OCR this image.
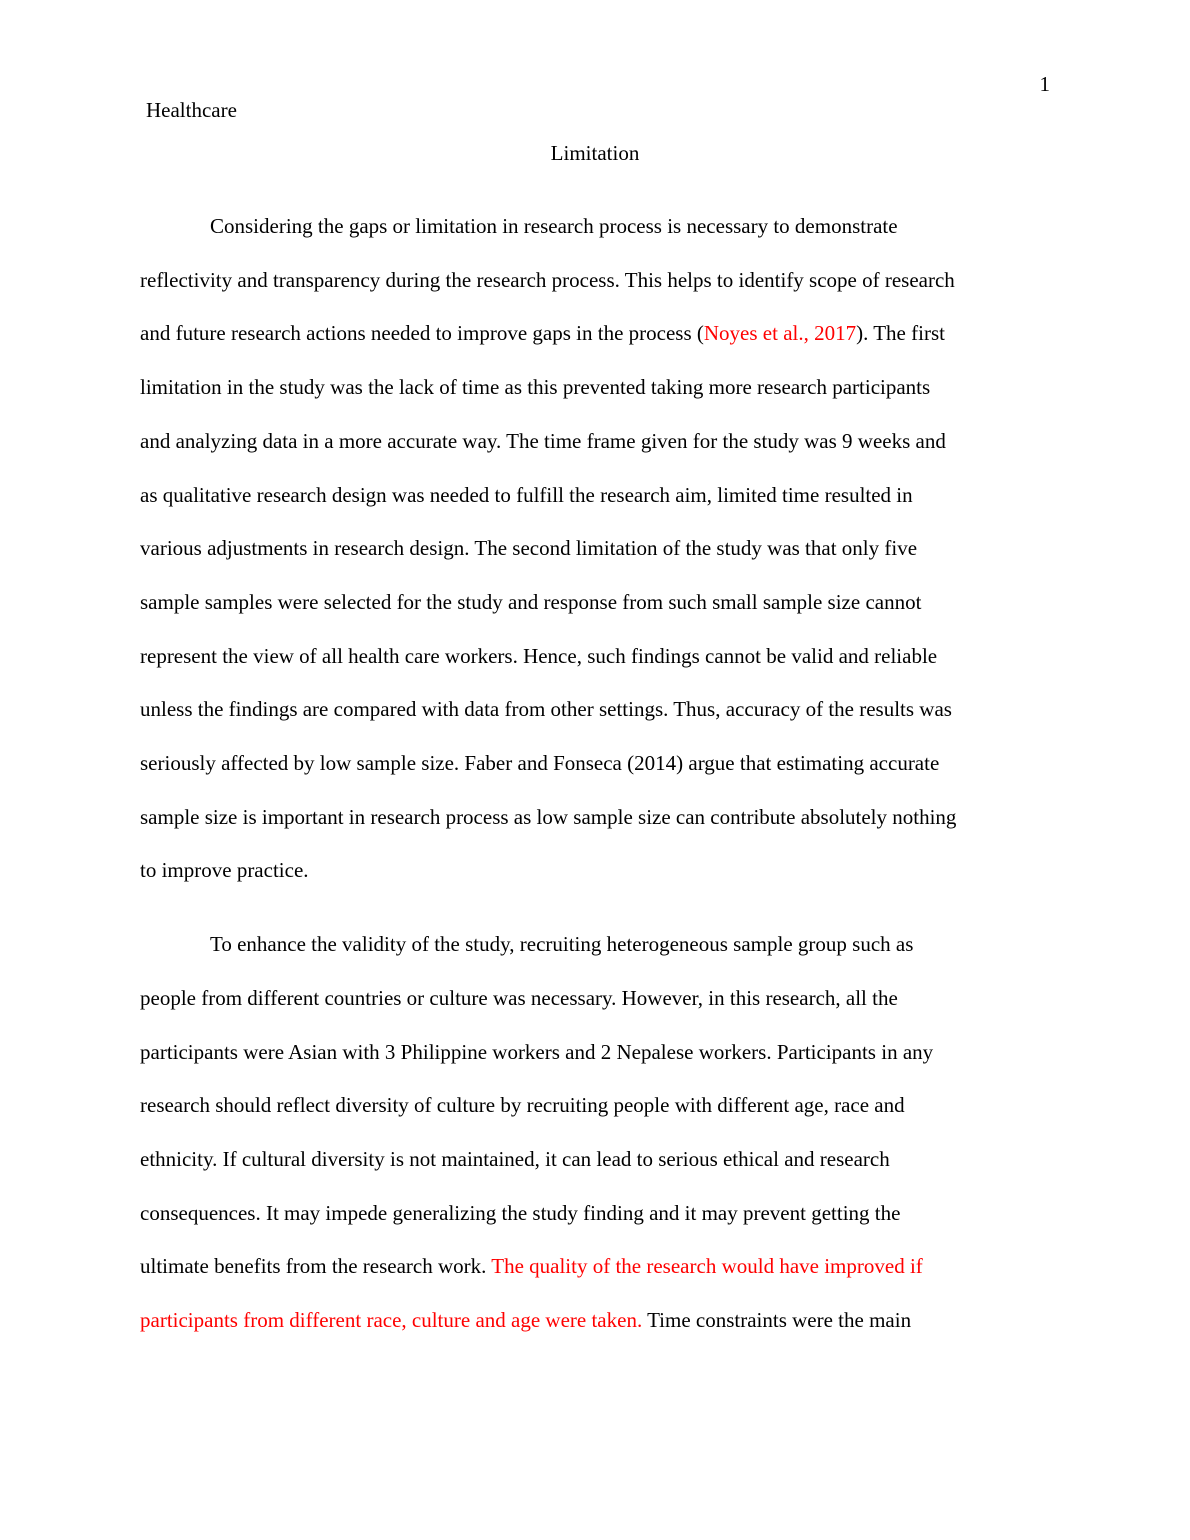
1
Healthcare
Limitation

Considering the gaps or limitation in research process is necessary to demonstrate
reflectivity and transparency during the research process. This helps to identify scope of research
and future research actions needed to improve gaps in the process (Noyes et al., 2017). The first
limitation in the study was the lack of time as this prevented taking more research participants
and analyzing data in a more accurate way. The time frame given for the study was 9 weeks and
as qualitative research design was needed to fulfill the research aim, limited time resulted in
various adjustments in research design. The second limitation of the study was that only five
sample samples were selected for the study and response from such small sample size cannot
represent the view of all health care workers. Hence, such findings cannot be valid and reliable
unless the findings are compared with data from other settings. Thus, accuracy of the results was
seriously affected by low sample size. Faber and Fonseca (2014) argue that estimating accurate
sample size is important in research process as low sample size can contribute absolutely nothing
to improve practice.

To enhance the validity of the study, recruiting heterogeneous sample group such as
people from different countries or culture was necessary. However, in this research, all the
participants were Asian with 3 Philippine workers and 2 Nepalese workers. Participants in any
research should reflect diversity of culture by recruiting people with different age, race and
ethnicity. If cultural diversity is not maintained, it can lead to serious ethical and research
consequences. It may impede generalizing the study finding and it may prevent getting the
ultimate benefits from the research work. The quality of the research would have improved if
participants from different race, culture and age were taken. Time constraints were the main
